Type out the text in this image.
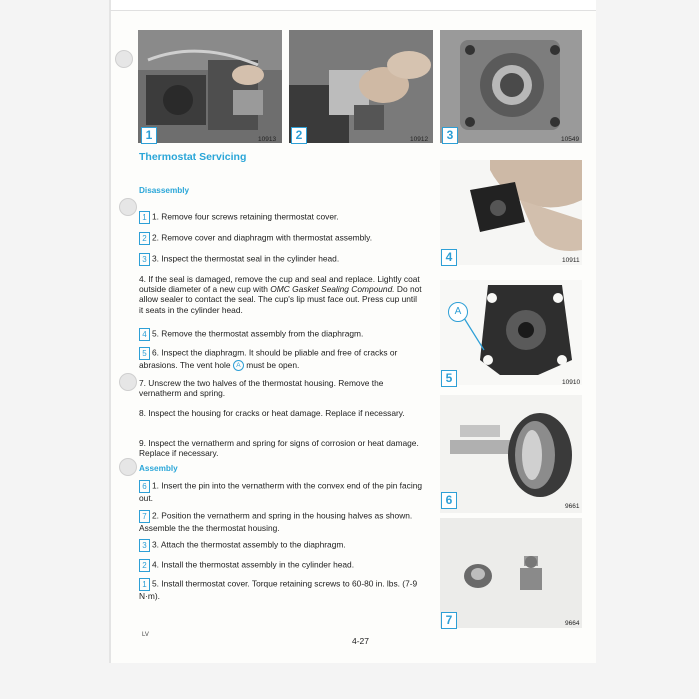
1	10913	2	10912	3	10549
4	10911
A
5	10910
6	9661
7	9664
Thermostat Servicing
Disassembly
1 1. Remove four screws retaining thermostat cover.
2 2. Remove cover and diaphragm with thermostat assembly.
3 3. Inspect the thermostat seal in the cylinder head.
4. If the seal is damaged, remove the cup and seal and replace. Lightly coat outside diameter of a new cup with OMC Gasket Sealing Compound. Do not allow sealer to contact the seal. The cup's lip must face out. Press cup until it seats in the cylinder head.
4 5. Remove the thermostat assembly from the diaphragm.
5 6. Inspect the diaphragm. It should be pliable and free of cracks or abrasions. The vent hole A must be open.
7. Unscrew the two halves of the thermostat housing. Remove the vernatherm and spring.
8. Inspect the housing for cracks or heat damage. Replace if necessary.
9. Inspect the vernatherm and spring for signs of corrosion or heat damage. Replace if necessary.
Assembly
6 1. Insert the pin into the vernatherm with the convex end of the pin facing out.
7 2. Position the vernatherm and spring in the housing halves as shown. Assemble the the thermostat housing.
3 3. Attach the thermostat assembly to the diaphragm.
2 4. Install the thermostat assembly in the cylinder head.
1 5. Install thermostat cover. Torque retaining screws to 60-80 in. lbs. (7-9 N·m).
LV
4-27
